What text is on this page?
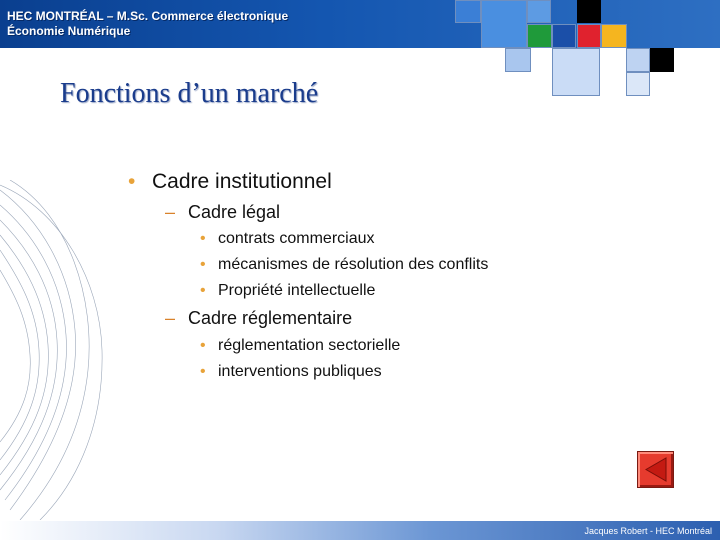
HEC MONTRÉAL – M.Sc. Commerce électronique
Économie Numérique
Fonctions d’un marché
• Cadre institutionnel
– Cadre légal
• contrats commerciaux
• mécanismes de résolution des conflits
• Propriété intellectuelle
– Cadre réglementaire
• réglementation sectorielle
• interventions publiques
Jacques Robert - HEC Montréal
